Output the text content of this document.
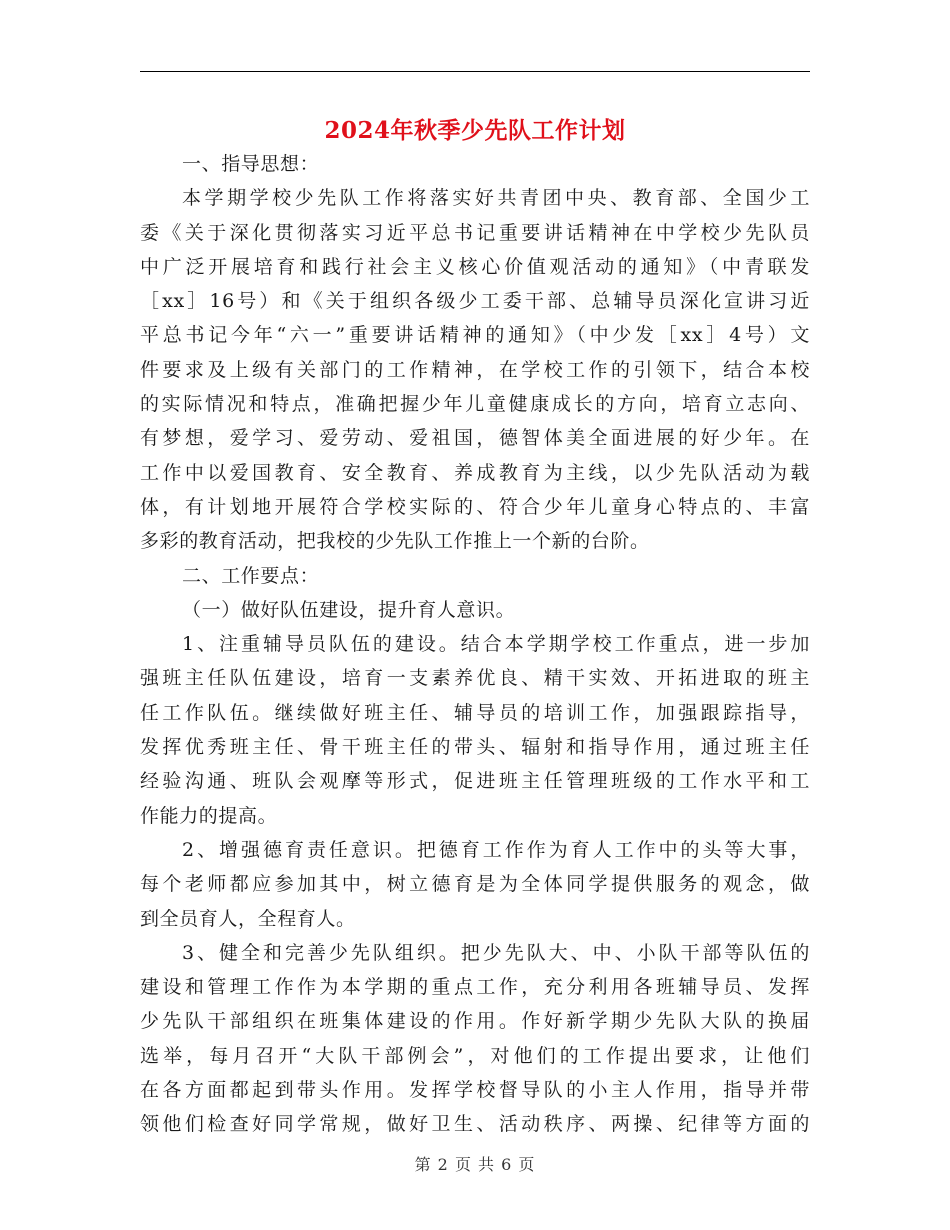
2024年秋季少先队工作计划
一、指导思想：
本学期学校少先队工作将落实好共青团中央、教育部、全国少工
委《关于深化贯彻落实习近平总书记重要讲话精神在中学校少先队员
中广泛开展培育和践行社会主义核心价值观活动的通知》（中青联发
［xx］16号）和《关于组织各级少工委干部、总辅导员深化宣讲习近
平总书记今年“六一”重要讲话精神的通知》（中少发［xx］4号）文
件要求及上级有关部门的工作精神，在学校工作的引领下，结合本校
的实际情况和特点，准确把握少年儿童健康成长的方向，培育立志向、
有梦想，爱学习、爱劳动、爱祖国，德智体美全面进展的好少年。在
工作中以爱国教育、安全教育、养成教育为主线，以少先队活动为载
体，有计划地开展符合学校实际的、符合少年儿童身心特点的、丰富
多彩的教育活动，把我校的少先队工作推上一个新的台阶。
二、工作要点：
（一）做好队伍建设，提升育人意识。
1、注重辅导员队伍的建设。结合本学期学校工作重点，进一步加
强班主任队伍建设，培育一支素养优良、精干实效、开拓进取的班主
任工作队伍。继续做好班主任、辅导员的培训工作，加强跟踪指导，
发挥优秀班主任、骨干班主任的带头、辐射和指导作用，通过班主任
经验沟通、班队会观摩等形式，促进班主任管理班级的工作水平和工
作能力的提高。
2、增强德育责任意识。把德育工作作为育人工作中的头等大事，
每个老师都应参加其中，树立德育是为全体同学提供服务的观念，做
到全员育人，全程育人。
3、健全和完善少先队组织。把少先队大、中、小队干部等队伍的
建设和管理工作作为本学期的重点工作，充分利用各班辅导员、发挥
少先队干部组织在班集体建设的作用。作好新学期少先队大队的换届
选举，每月召开“大队干部例会”，对他们的工作提出要求，让他们
在各方面都起到带头作用。发挥学校督导队的小主人作用，指导并带
领他们检查好同学常规，做好卫生、活动秩序、两操、纪律等方面的
第 2 页 共 6 页
